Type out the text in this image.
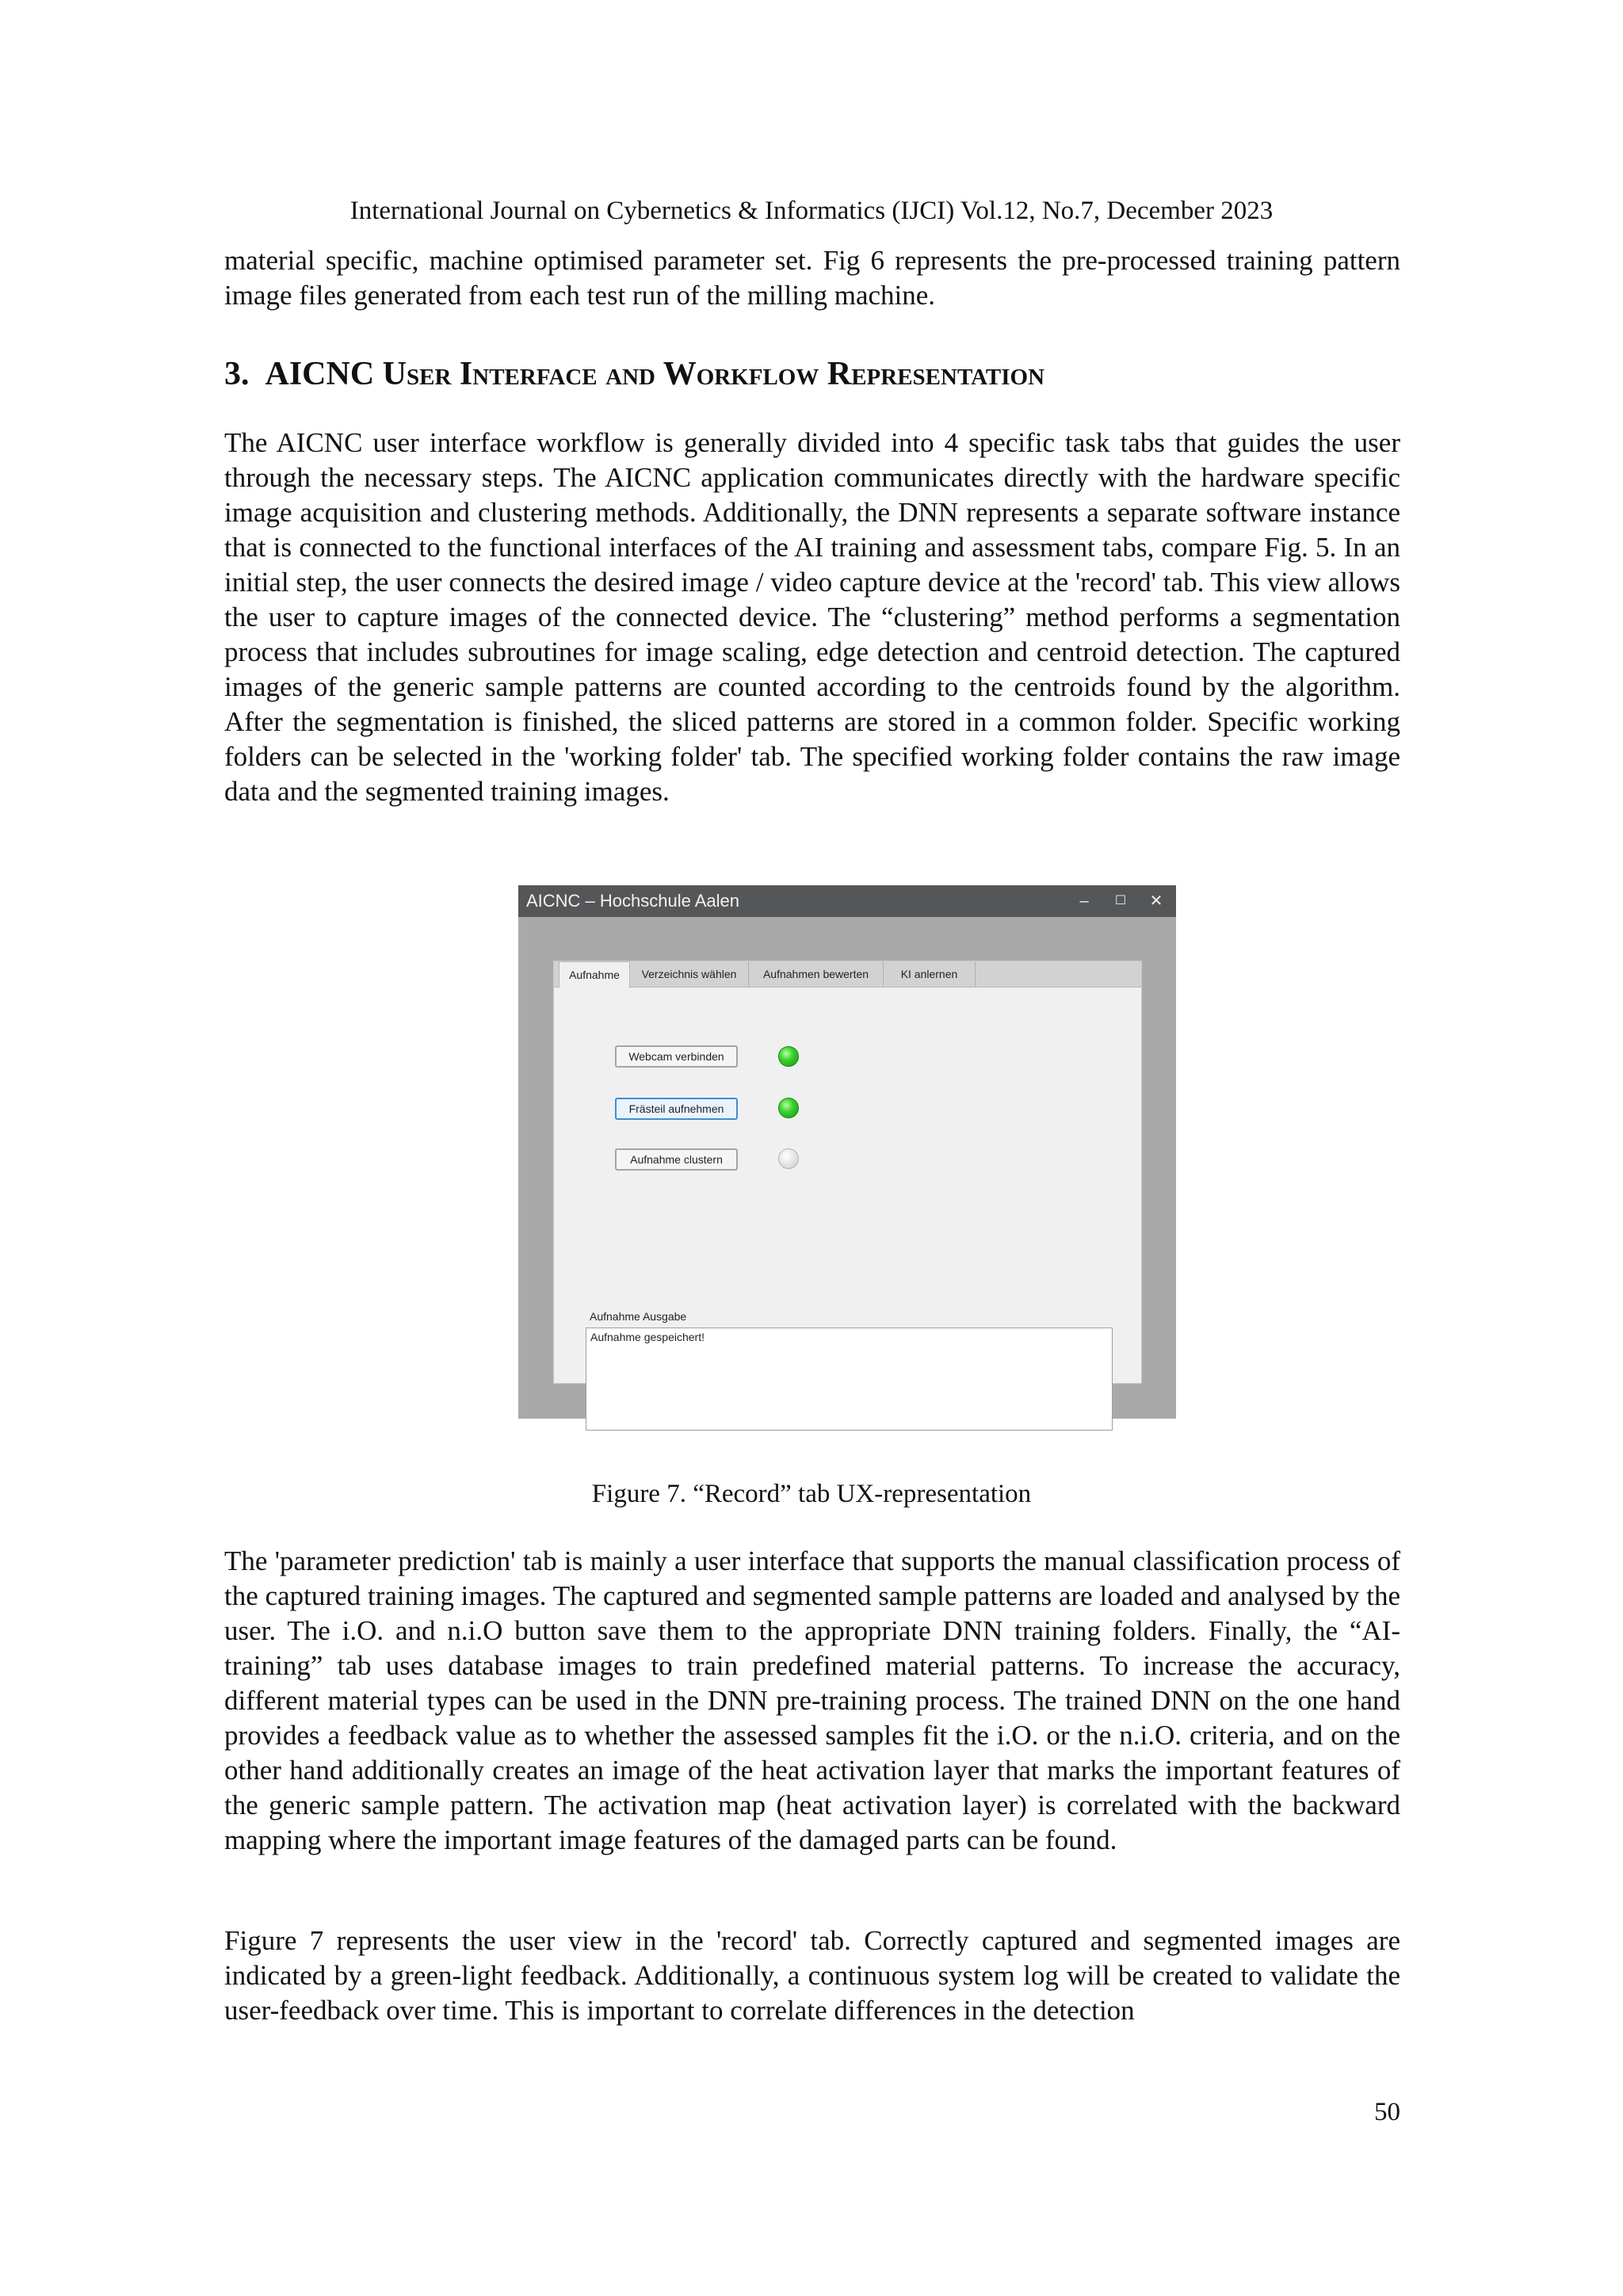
International Journal on Cybernetics & Informatics (IJCI) Vol.12, No.7, December 2023

material specific, machine optimised parameter set. Fig 6 represents the pre-processed training pattern image files generated from each test run of the milling machine.

3. AICNC User Interface and Workflow Representation

The AICNC user interface workflow is generally divided into 4 specific task tabs that guides the user through the necessary steps. The AICNC application communicates directly with the hardware specific image acquisition and clustering methods. Additionally, the DNN represents a separate software instance that is connected to the functional interfaces of the AI training and assessment tabs, compare Fig. 5. In an initial step, the user connects the desired image / video capture device at the 'record' tab. This view allows the user to capture images of the connected device. The “clustering” method performs a segmentation process that includes subroutines for image scaling, edge detection and centroid detection. The captured images of the generic sample patterns are counted according to the centroids found by the algorithm. After the segmentation is finished, the sliced patterns are stored in a common folder. Specific working folders can be selected in the 'working folder' tab. The specified working folder contains the raw image data and the segmented training images.

AICNC – Hochschule Aalen	–	☐	✕
Aufnahme	Verzeichnis wählen	Aufnahmen bewerten	KI anlernen
Webcam verbinden
Frästeil aufnehmen
Aufnahme clustern
Aufnahme Ausgabe
Aufnahme gespeichert!
Figure 7. “Record” tab UX-representation

The 'parameter prediction' tab is mainly a user interface that supports the manual classification process of the captured training images. The captured and segmented sample patterns are loaded and analysed by the user. The i.O. and n.i.O button save them to the appropriate DNN training folders. Finally, the “AI-training” tab uses database images to train predefined material patterns. To increase the accuracy, different material types can be used in the DNN pre-training process. The trained DNN on the one hand provides a feedback value as to whether the assessed samples fit the i.O. or the n.i.O. criteria, and on the other hand additionally creates an image of the heat activation layer that marks the important features of the generic sample pattern. The activation map (heat activation layer) is correlated with the backward mapping where the important image features of the damaged parts can be found.

Figure 7 represents the user view in the 'record' tab. Correctly captured and segmented images are indicated by a green-light feedback. Additionally, a continuous system log will be created to validate the user-feedback over time. This is important to correlate differences in the detection

50
